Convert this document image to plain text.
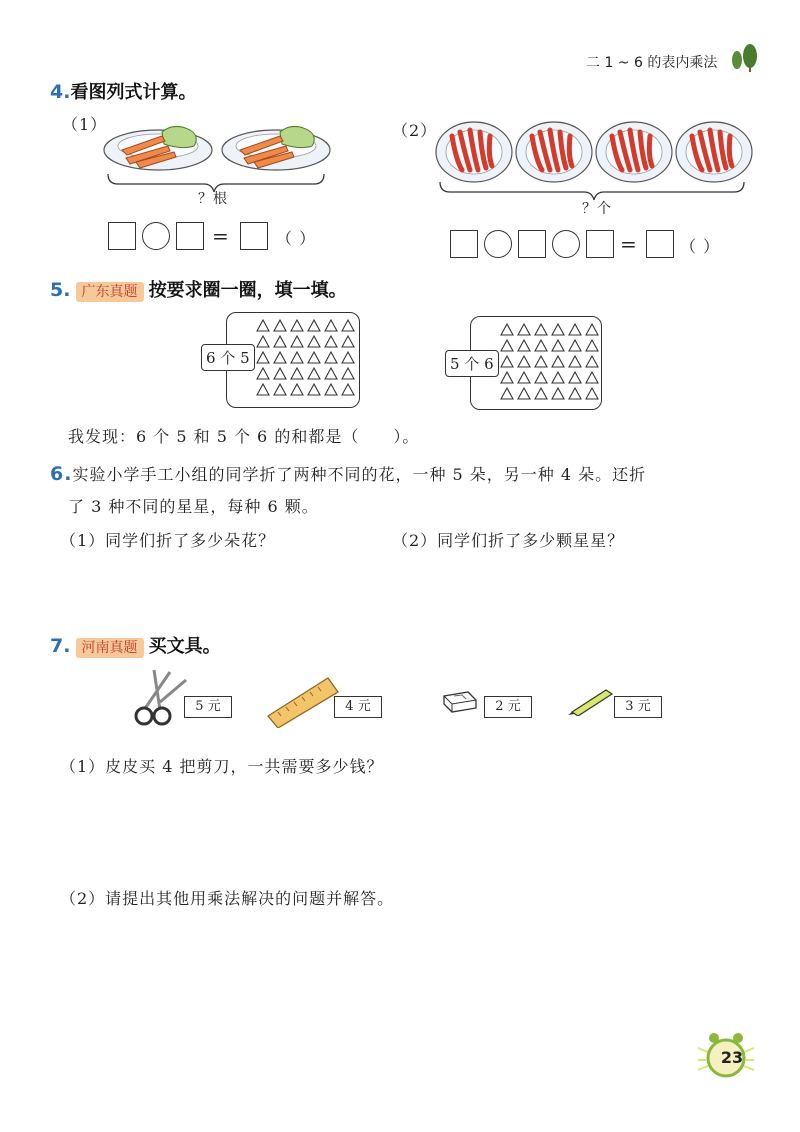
二 1 ~ 6 的表内乘法
4.看图列式计算。
（1）
？根
=	（ ）
（2）
？个
=	（ ）
5. 广东真题 按要求圈一圈，填一填。
6 个 5	5 个 6
我发现：6 个 5 和 5 个 6 的和都是（　　）。
6.实验小学手工小组的同学折了两种不同的花，一种 5 朵，另一种 4 朵。还折
了 3 种不同的星星，每种 6 颗。
（1）同学们折了多少朵花？	（2）同学们折了多少颗星星？
7. 河南真题 买文具。
5 元	4 元	2 元	3 元
（1）皮皮买 4 把剪刀，一共需要多少钱？
（2）请提出其他用乘法解决的问题并解答。
23
